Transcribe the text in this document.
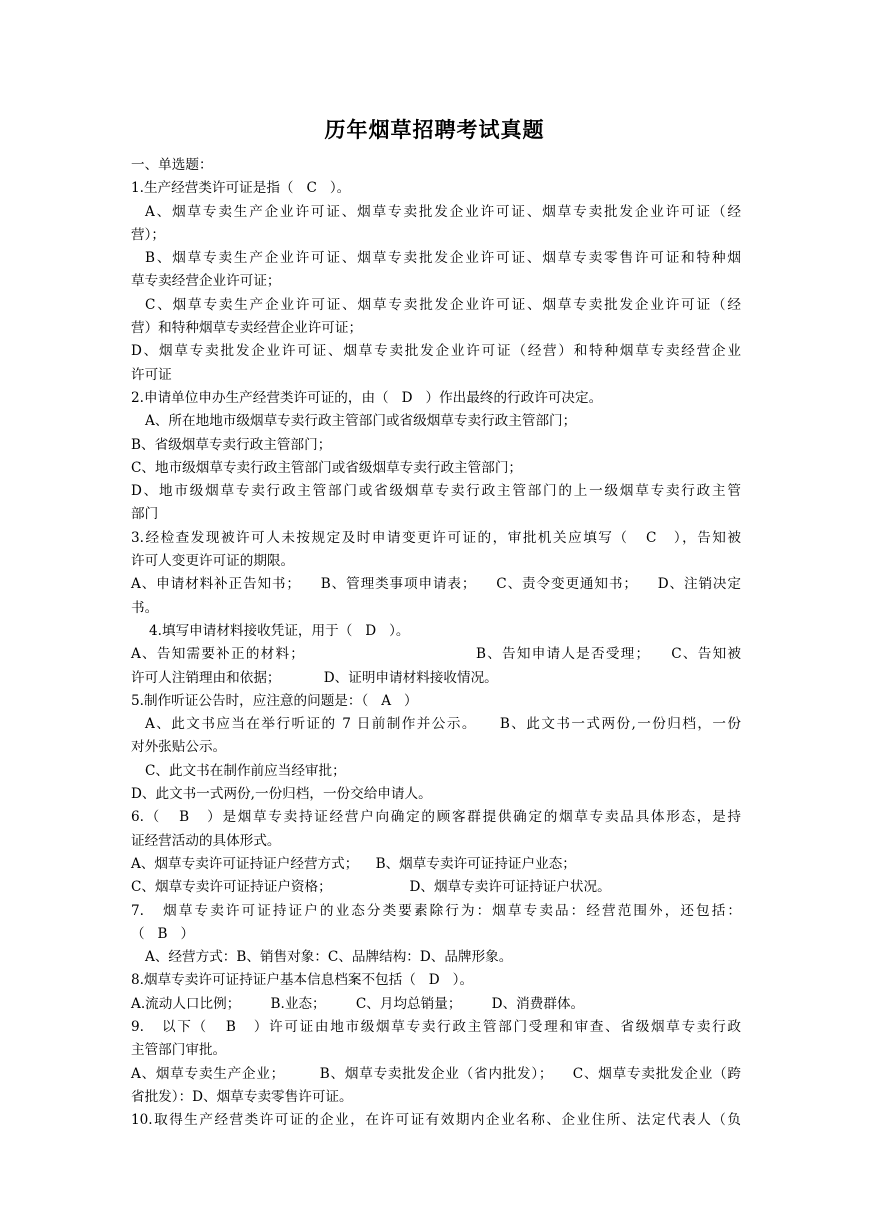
历年烟草招聘考试真题
一、单选题：
1.生产经营类许可证是指（   C   ）。
A、烟草专卖生产企业许可证、烟草专卖批发企业许可证、烟草专卖批发企业许可证（经
营）；
B、烟草专卖生产企业许可证、烟草专卖批发企业许可证、烟草专卖零售许可证和特种烟
草专卖经营企业许可证；
C、烟草专卖生产企业许可证、烟草专卖批发企业许可证、烟草专卖批发企业许可证（经
营）和特种烟草专卖经营企业许可证；
D、烟草专卖批发企业许可证、烟草专卖批发企业许可证（经营）和特种烟草专卖经营企业
许可证
2.申请单位申办生产经营类许可证的，由（   D   ）作出最终的行政许可决定。
A、所在地地市级烟草专卖行政主管部门或省级烟草专卖行政主管部门；
B、省级烟草专卖行政主管部门；
C、地市级烟草专卖行政主管部门或省级烟草专卖行政主管部门；
D、地市级烟草专卖行政主管部门或省级烟草专卖行政主管部门的上一级烟草专卖行政主管
部门
3.经检查发现被许可人未按规定及时申请变更许可证的，审批机关应填写（   C   ），告知被
许可人变更许可证的期限。
A、申请材料补正告知书；    B、管理类事项申请表；    C、责令变更通知书；    D、注销决定
书。
4.填写申请材料接收凭证，用于（   D   ）。
A、告知需要补正的材料；                               B、告知申请人是否受理；    C、告知被
许可人注销理由和依据；          D、证明申请材料接收情况。
5.制作听证公告时，应注意的问题是：（   A   ）
A、此文书应当在举行听证的 7 日前制作并公示。    B、此文书一式两份,一份归档，一份
对外张贴公示。
C、此文书在制作前应当经审批；
D、此文书一式两份,一份归档，一份交给申请人。
6.（   B   ）是烟草专卖持证经营户向确定的顾客群提供确定的烟草专卖品具体形态，是持
证经营活动的具体形式。
A、烟草专卖许可证持证户经营方式；    B、烟草专卖许可证持证户业态；
C、烟草专卖许可证持证户资格；                  D、烟草专卖许可证持证户状况。
7.   烟草专卖许可证持证户的业态分类要素除行为：烟草专卖品：经营范围外，还包括：
（   B   ）
A、经营方式：B、销售对象：C、品牌结构：D、品牌形象。
8.烟草专卖许可证持证户基本信息档案不包括（   D   ）。
A.流动人口比例；       B.业态；       C、月均总销量；       D、消费群体。
9.   以下（   B   ）许可证由地市级烟草专卖行政主管部门受理和审查、省级烟草专卖行政
主管部门审批。
A、烟草专卖生产企业；       B、烟草专卖批发企业（省内批发）；    C、烟草专卖批发企业（跨
省批发）：D、烟草专卖零售许可证。
10.取得生产经营类许可证的企业，在许可证有效期内企业名称、企业住所、法定代表人（负
